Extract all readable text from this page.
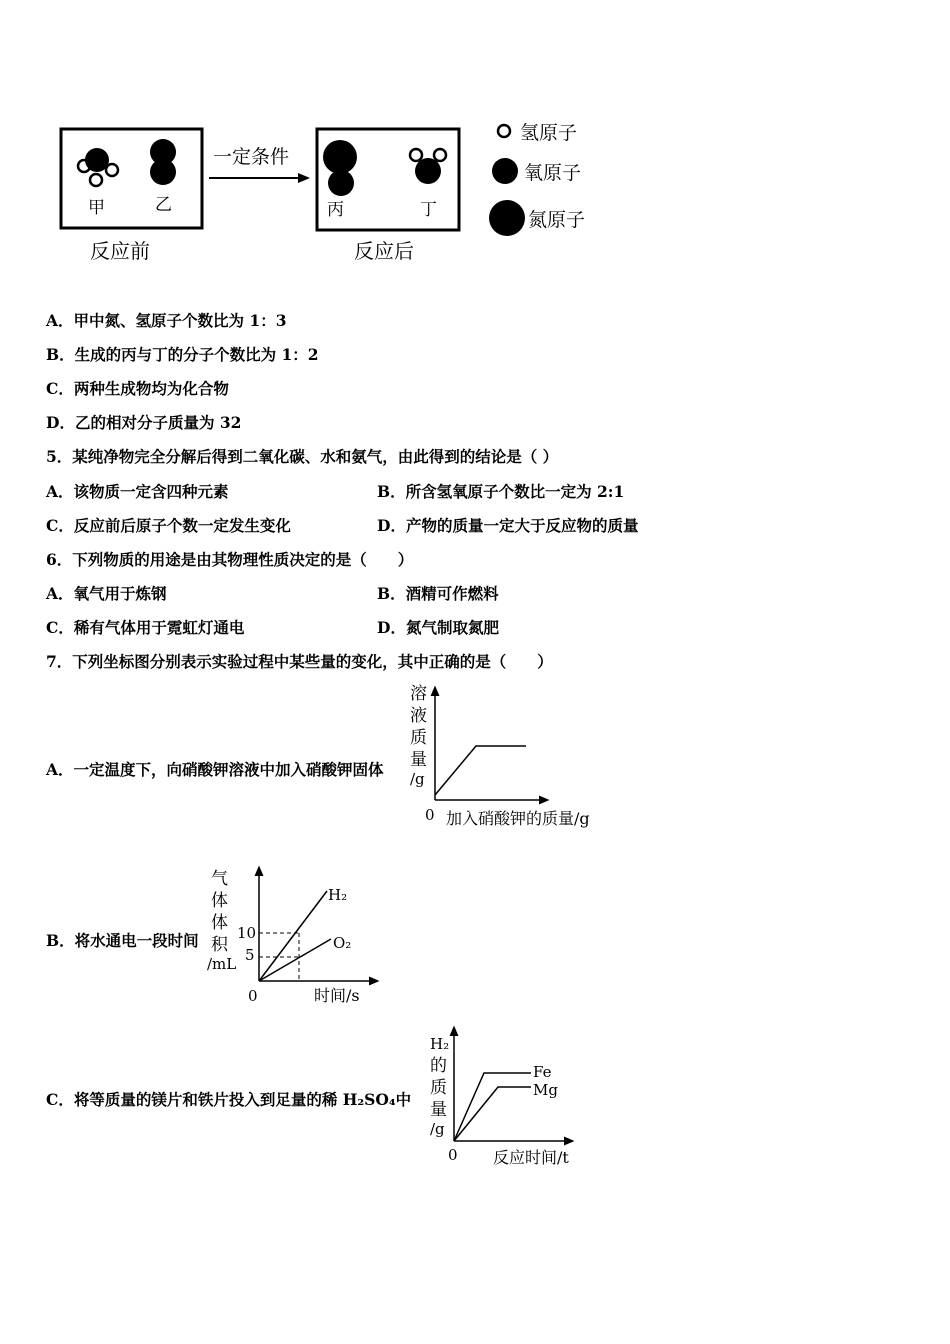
甲	乙
一定条件
丙	丁
反应前	反应后
氢原子
氧原子
氮原子
A．甲中氮、氢原子个数比为 1：3
B．生成的丙与丁的分子个数比为 1：2
C．两种生成物均为化合物
D．乙的相对分子质量为 32
5．某纯净物完全分解后得到二氧化碳、水和氨气，由此得到的结论是（ ）
A．该物质一定含四种元素	B．所含氢氧原子个数比一定为 2:1
C．反应前后原子个数一定发生变化	D．产物的质量一定大于反应物的质量
6．下列物质的用途是由其物理性质决定的是（　　）
A．氧气用于炼钢	B．酒精可作燃料
C．稀有气体用于霓虹灯通电	D．氮气制取氮肥
7．下列坐标图分别表示实验过程中某些量的变化，其中正确的是（　　）
A．一定温度下，向硝酸钾溶液中加入硝酸钾固体
B．将水通电一段时间
C．将等质量的镁片和铁片投入到足量的稀 H₂SO₄中
溶
液
质
量
/g
0 加入硝酸钾的质量/g
10
5
H₂
O₂
气
体
体
积
/mL
0	时间/s
Fe
Mg
H₂
的
质
量
/g
0 反应时间/t
